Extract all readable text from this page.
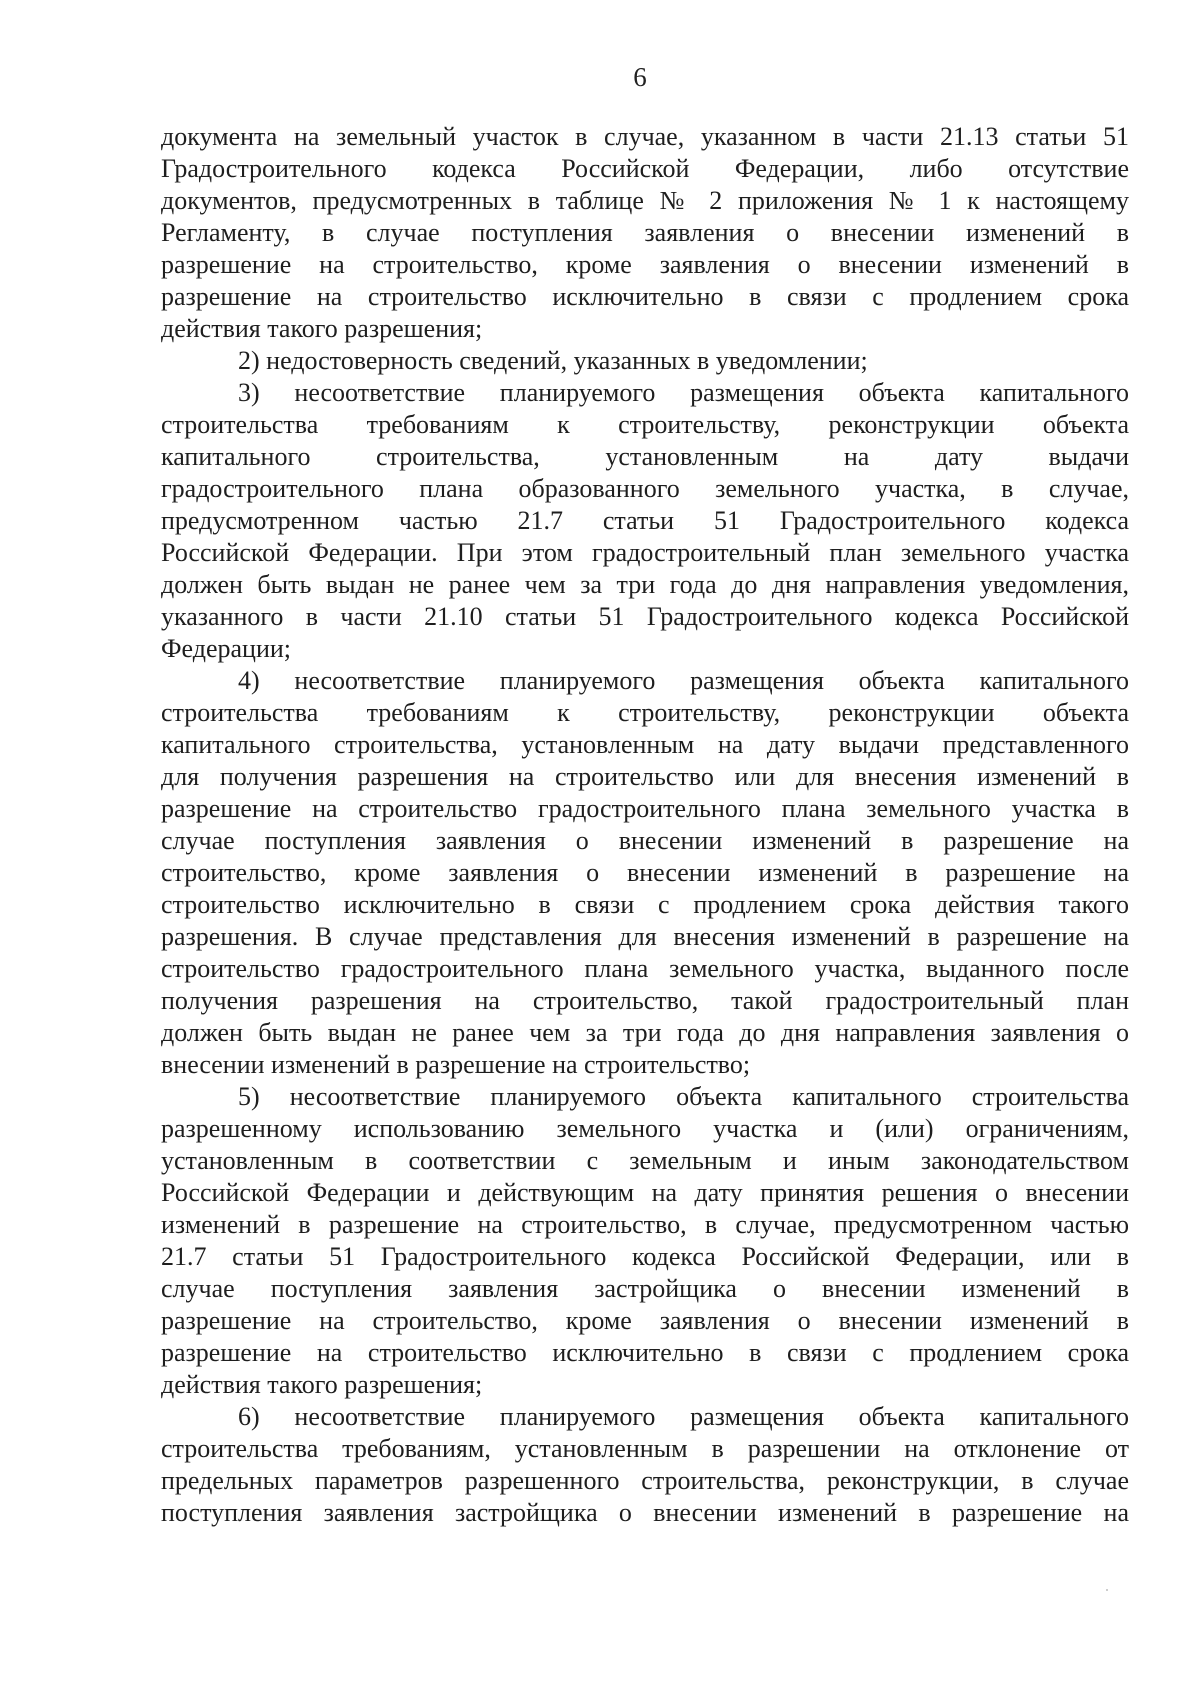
6
документа на земельный участок в случае, указанном в части 21.13 статьи 51
Градостроительного кодекса Российской Федерации, либо отсутствие
документов, предусмотренных в таблице № 2 приложения № 1 к настоящему
Регламенту, в случае поступления заявления о внесении изменений в
разрешение на строительство, кроме заявления о внесении изменений в
разрешение на строительство исключительно в связи с продлением срока
действия такого разрешения;
2) недостоверность сведений, указанных в уведомлении;
3) несоответствие планируемого размещения объекта капитального
строительства требованиям к строительству, реконструкции объекта
капитального строительства, установленным на дату выдачи
градостроительного плана образованного земельного участка, в случае,
предусмотренном частью 21.7 статьи 51 Градостроительного кодекса
Российской Федерации. При этом градостроительный план земельного участка
должен быть выдан не ранее чем за три года до дня направления уведомления,
указанного в части 21.10 статьи 51 Градостроительного кодекса Российской
Федерации;
4) несоответствие планируемого размещения объекта капитального
строительства требованиям к строительству, реконструкции объекта
капитального строительства, установленным на дату выдачи представленного
для получения разрешения на строительство или для внесения изменений в
разрешение на строительство градостроительного плана земельного участка в
случае поступления заявления о внесении изменений в разрешение на
строительство, кроме заявления о внесении изменений в разрешение на
строительство исключительно в связи с продлением срока действия такого
разрешения. В случае представления для внесения изменений в разрешение на
строительство градостроительного плана земельного участка, выданного после
получения разрешения на строительство, такой градостроительный план
должен быть выдан не ранее чем за три года до дня направления заявления о
внесении изменений в разрешение на строительство;
5) несоответствие планируемого объекта капитального строительства
разрешенному использованию земельного участка и (или) ограничениям,
установленным в соответствии с земельным и иным законодательством
Российской Федерации и действующим на дату принятия решения о внесении
изменений в разрешение на строительство, в случае, предусмотренном частью
21.7 статьи 51 Градостроительного кодекса Российской Федерации, или в
случае поступления заявления застройщика о внесении изменений в
разрешение на строительство, кроме заявления о внесении изменений в
разрешение на строительство исключительно в связи с продлением срока
действия такого разрешения;
6) несоответствие планируемого размещения объекта капитального
строительства требованиям, установленным в разрешении на отклонение от
предельных параметров разрешенного строительства, реконструкции, в случае
поступления заявления застройщика о внесении изменений в разрешение на
